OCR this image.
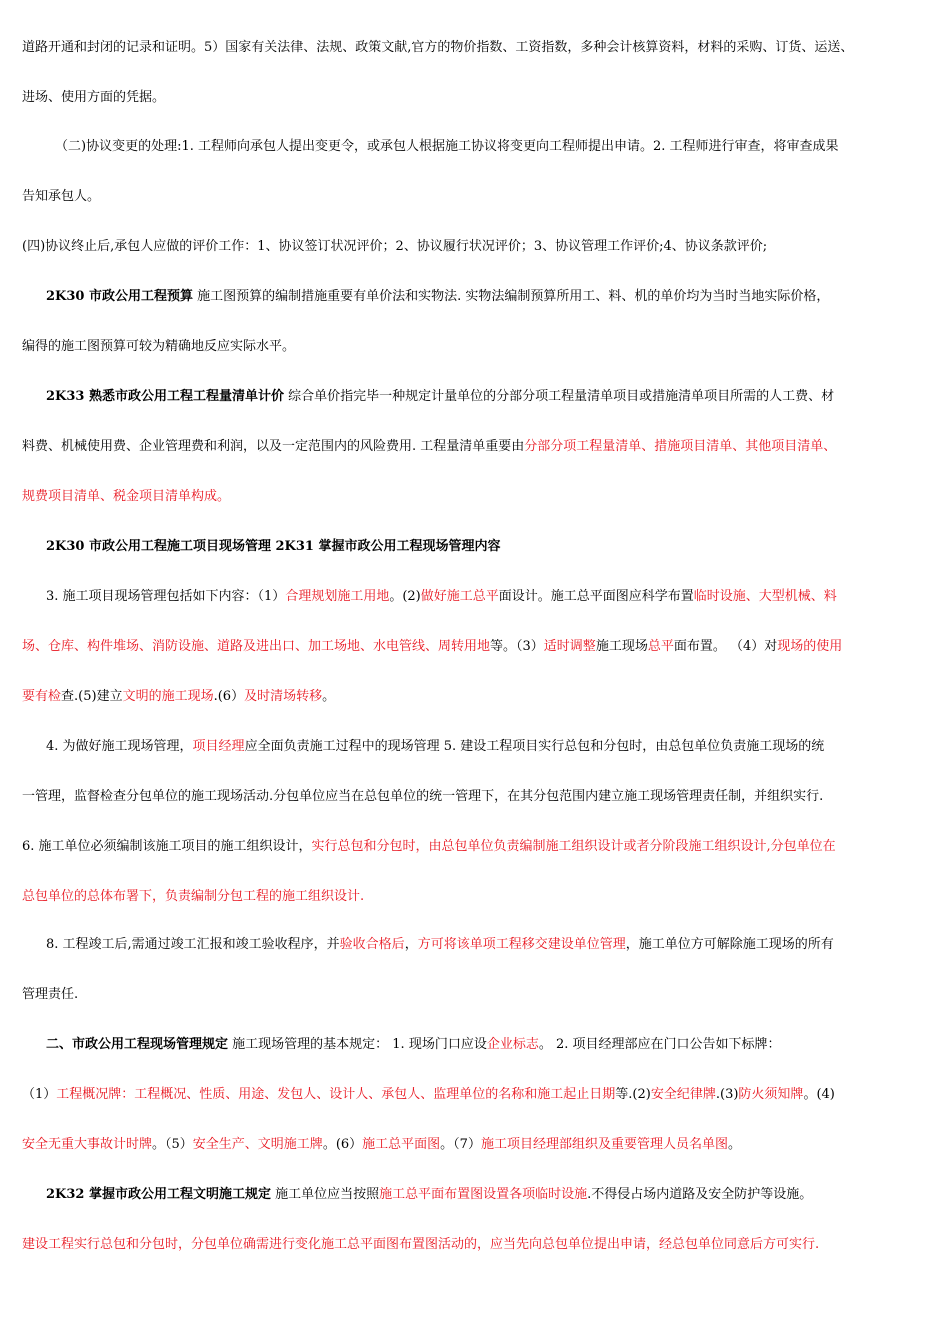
道路开通和封闭的记录和证明。5）国家有关法律、法规、政策文献,官方的物价指数、工资指数，多种会计核算资料，材料的采购、订货、运送、
进场、使用方面的凭据。
（二)协议变更的处理:1. 工程师向承包人提出变更令，或承包人根据施工协议将变更向工程师提出申请。2. 工程师进行审查，将审查成果
告知承包人。
(四)协议终止后,承包人应做的评价工作：1、协议签订状况评价；2、协议履行状况评价；3、协议管理工作评价;4、协议条款评价;
2K30 市政公用工程预算 施工图预算的编制措施重要有单价法和实物法. 实物法编制预算所用工、料、机的单价均为当时当地实际价格，
编得的施工图预算可较为精确地反应实际水平。
2K33 熟悉市政公用工程工程量清单计价 综合单价指完毕一种规定计量单位的分部分项工程量清单项目或措施清单项目所需的人工费、材
料费、机械使用费、企业管理费和利润，以及一定范围内的风险费用. 工程量清单重要由分部分项工程量清单、措施项目清单、其他项目清单、
规费项目清单、税金项目清单构成。
2K30 市政公用工程施工项目现场管理 2K31 掌握市政公用工程现场管理内容
3. 施工项目现场管理包括如下内容：（1）合理规划施工用地。(2)做好施工总平面设计。施工总平面图应科学布置临时设施、大型机械、料
场、仓库、构件堆场、消防设施、道路及进出口、加工场地、水电管线、周转用地等。（3）适时调整施工现场总平面布置。 （4）对现场的使用
要有检查.(5)建立文明的施工现场.(6）及时清场转移。
4. 为做好施工现场管理，项目经理应全面负责施工过程中的现场管理 5. 建设工程项目实行总包和分包时，由总包单位负责施工现场的统
一管理，监督检查分包单位的施工现场活动.分包单位应当在总包单位的统一管理下，在其分包范围内建立施工现场管理责任制，并组织实行.
6. 施工单位必须编制该施工项目的施工组织设计，实行总包和分包时，由总包单位负责编制施工组织设计或者分阶段施工组织设计,分包单位在
总包单位的总体布署下，负责编制分包工程的施工组织设计.
8. 工程竣工后,需通过竣工汇报和竣工验收程序，并验收合格后，方可将该单项工程移交建设单位管理，施工单位方可解除施工现场的所有
管理责任.
二、市政公用工程现场管理规定 施工现场管理的基本规定： 1. 现场门口应设企业标志。 2. 项目经理部应在门口公告如下标牌：
（1）工程概况牌：工程概况、性质、用途、发包人、设计人、承包人、监理单位的名称和施工起止日期等.(2)安全纪律牌.(3)防火须知牌。(4)
安全无重大事故计时牌。（5）安全生产、文明施工牌。(6）施工总平面图。（7）施工项目经理部组织及重要管理人员名单图。
2K32 掌握市政公用工程文明施工规定 施工单位应当按照施工总平面布置图设置各项临时设施.不得侵占场内道路及安全防护等设施。
建设工程实行总包和分包时，分包单位确需进行变化施工总平面图布置图活动的，应当先向总包单位提出申请，经总包单位同意后方可实行.
